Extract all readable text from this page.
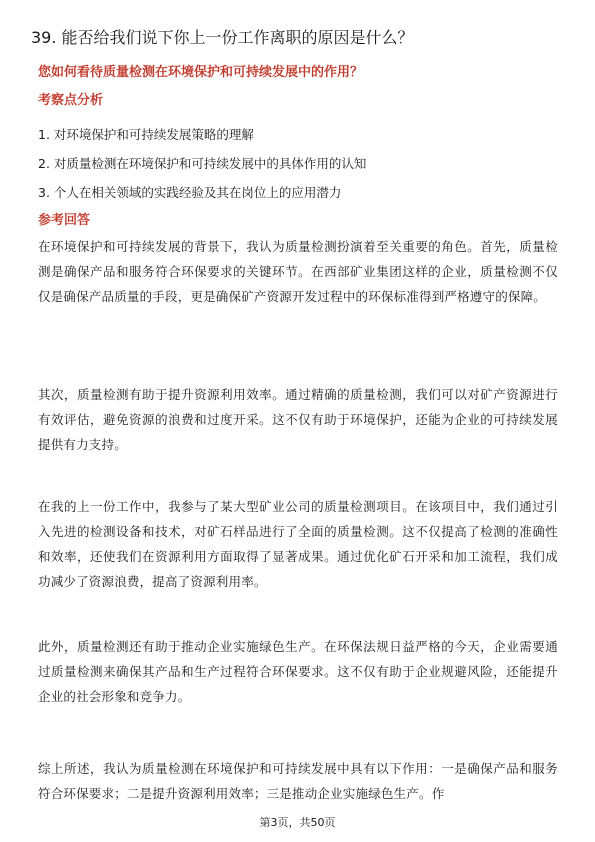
39. 能否给我们说下你上一份工作离职的原因是什么？
您如何看待质量检测在环境保护和可持续发展中的作用？
考察点分析
1. 对环境保护和可持续发展策略的理解
2. 对质量检测在环境保护和可持续发展中的具体作用的认知
3. 个人在相关领域的实践经验及其在岗位上的应用潜力
参考回答

在环境保护和可持续发展的背景下，我认为质量检测扮演着至关重要的角色。首先，质量检测是确保产品和服务符合环保要求的关键环节。在西部矿业集团这样的企业，质量检测不仅仅是确保产品质量的手段，更是确保矿产资源开发过程中的环保标准得到严格遵守的保障。

其次，质量检测有助于提升资源利用效率。通过精确的质量检测，我们可以对矿产资源进行有效评估，避免资源的浪费和过度开采。这不仅有助于环境保护，还能为企业的可持续发展提供有力支持。

在我的上一份工作中，我参与了某大型矿业公司的质量检测项目。在该项目中，我们通过引入先进的检测设备和技术，对矿石样品进行了全面的质量检测。这不仅提高了检测的准确性和效率，还使我们在资源利用方面取得了显著成果。通过优化矿石开采和加工流程，我们成功减少了资源浪费，提高了资源利用率。

此外，质量检测还有助于推动企业实施绿色生产。在环保法规日益严格的今天，企业需要通过质量检测来确保其产品和生产过程符合环保要求。这不仅有助于企业规避风险，还能提升企业的社会形象和竞争力。

综上所述，我认为质量检测在环境保护和可持续发展中具有以下作用：一是确保产品和服务符合环保要求；二是提升资源利用效率；三是推动企业实施绿色生产。作

第3页，共50页
